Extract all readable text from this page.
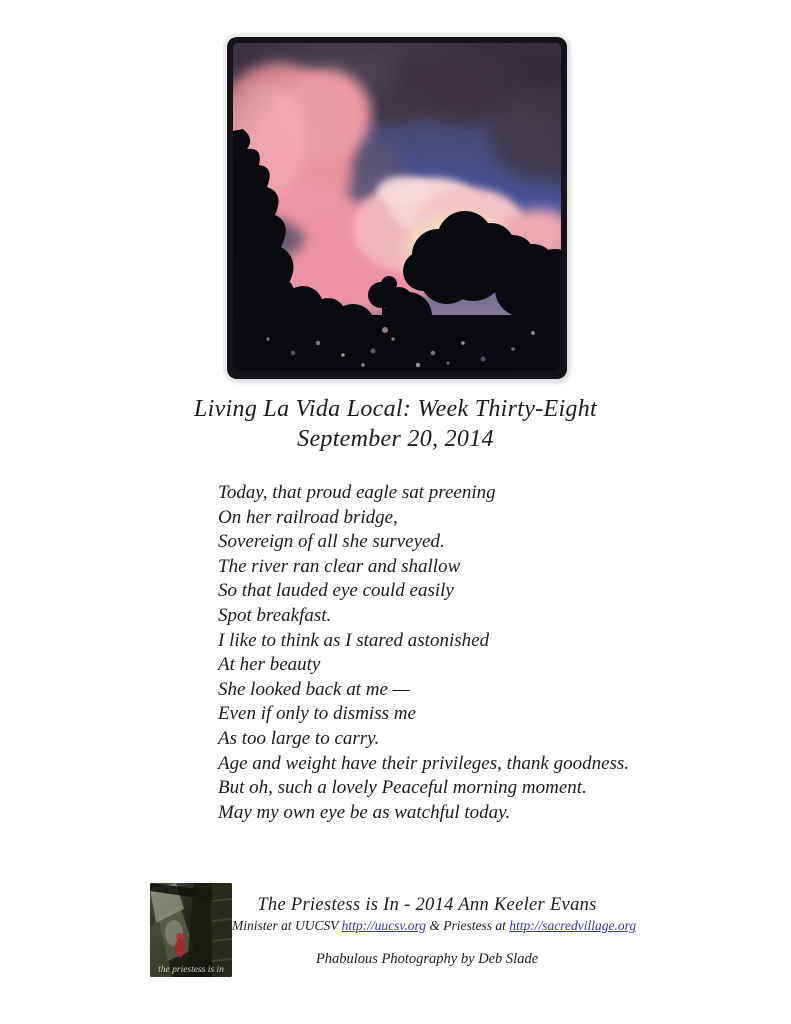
Living La Vida Local: Week Thirty-Eight
September 20, 2014
Today, that proud eagle sat preening
On her railroad bridge,
Sovereign of all she surveyed.
The river ran clear and shallow
So that lauded eye could easily
Spot breakfast.
I like to think as I stared astonished
At her beauty
She looked back at me —
Even if only to dismiss me
As too large to carry.
Age and weight have their privileges, thank goodness.
But oh, such a lovely Peaceful morning moment.
May my own eye be as watchful today.
the priestess is in
The Priestess is In - 2014 Ann Keeler Evans
Minister at UUCSV http://uucsv.org & Priestess at http://sacredvillage.org
Phabulous Photography by Deb Slade
